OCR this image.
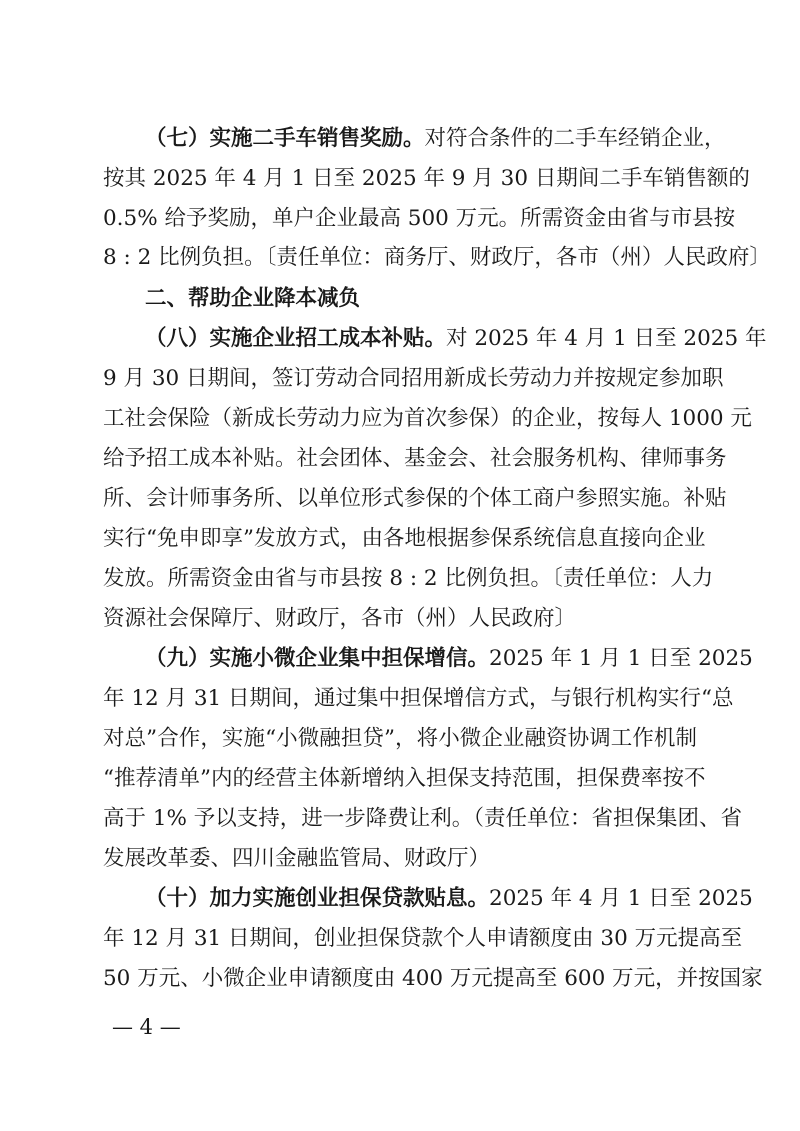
（七）实施二手车销售奖励。对符合条件的二手车经销企业，
按其 2025 年 4 月 1 日至 2025 年 9 月 30 日期间二手车销售额的
0.5% 给予奖励，单户企业最高 500 万元。所需资金由省与市县按
8 : 2 比例负担。〔责任单位：商务厅、财政厅，各市（州）人民政府〕
二、帮助企业降本减负
（八）实施企业招工成本补贴。对 2025 年 4 月 1 日至 2025 年
9 月 30 日期间，签订劳动合同招用新成长劳动力并按规定参加职
工社会保险（新成长劳动力应为首次参保）的企业，按每人 1000 元
给予招工成本补贴。社会团体、基金会、社会服务机构、律师事务
所、会计师事务所、以单位形式参保的个体工商户参照实施。补贴
实行“免申即享”发放方式，由各地根据参保系统信息直接向企业
发放。所需资金由省与市县按 8 : 2 比例负担。〔责任单位：人力
资源社会保障厅、财政厅，各市（州）人民政府〕
（九）实施小微企业集中担保增信。2025 年 1 月 1 日至 2025
年 12 月 31 日期间，通过集中担保增信方式，与银行机构实行“总
对总”合作，实施“小微融担贷”，将小微企业融资协调工作机制
“推荐清单”内的经营主体新增纳入担保支持范围，担保费率按不
高于 1% 予以支持，进一步降费让利。（责任单位：省担保集团、省
发展改革委、四川金融监管局、财政厅）
（十）加力实施创业担保贷款贴息。2025 年 4 月 1 日至 2025
年 12 月 31 日期间，创业担保贷款个人申请额度由 30 万元提高至
50 万元、小微企业申请额度由 400 万元提高至 600 万元，并按国家
— 4 —
